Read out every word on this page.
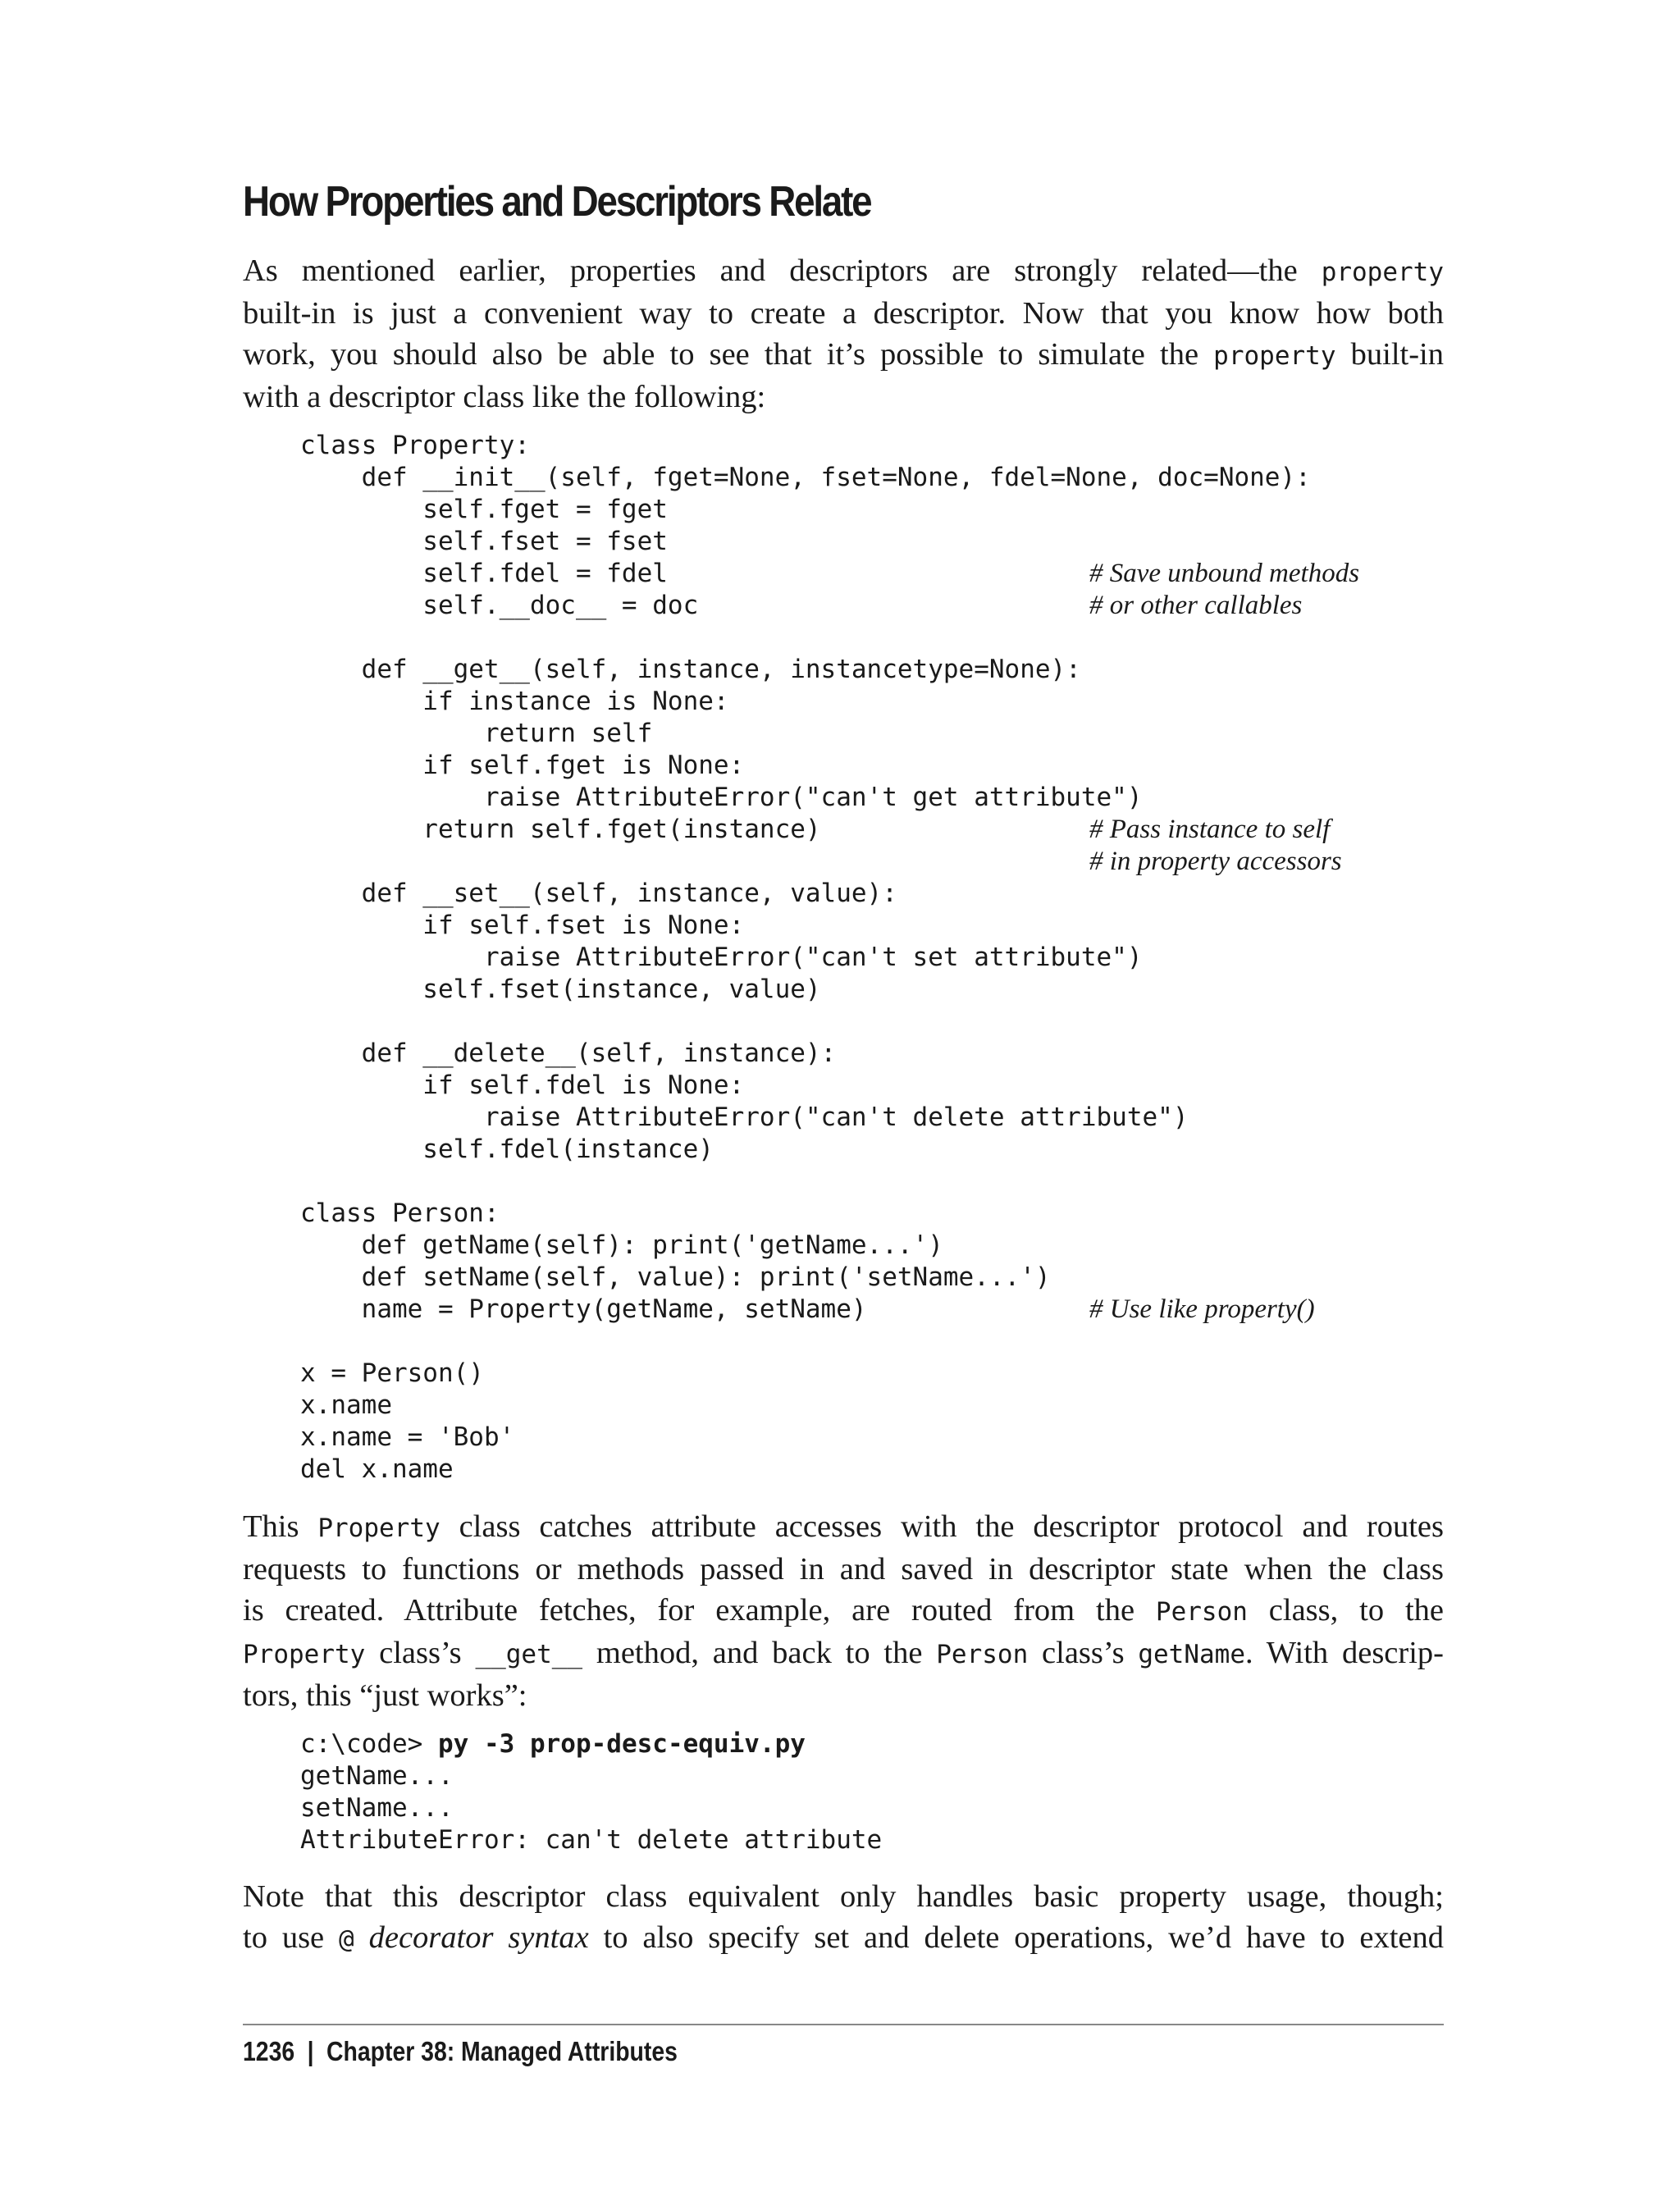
How Properties and Descriptors Relate
As mentioned earlier, properties and descriptors are strongly related—the property
built-in is just a convenient way to create a descriptor. Now that you know how both
work, you should also be able to see that it’s possible to simulate the property built-in
with a descriptor class like the following:
class Property:
def __init__(self, fget=None, fset=None, fdel=None, doc=None):
self.fget = fget
self.fset = fset
self.fdel = fdel	# Save unbound methods
self.__doc__ = doc	# or other callables
def __get__(self, instance, instancetype=None):
if instance is None:
return self
if self.fget is None:
raise AttributeError("can't get attribute")
return self.fget(instance)	# Pass instance to self
# in property accessors
def __set__(self, instance, value):
if self.fset is None:
raise AttributeError("can't set attribute")
self.fset(instance, value)
def __delete__(self, instance):
if self.fdel is None:
raise AttributeError("can't delete attribute")
self.fdel(instance)
class Person:
def getName(self): print('getName...')
def setName(self, value): print('setName...')
name = Property(getName, setName)	# Use like property()
x = Person()
x.name
x.name = 'Bob'
del x.name
This Property class catches attribute accesses with the descriptor protocol and routes
requests to functions or methods passed in and saved in descriptor state when the class
is created. Attribute fetches, for example, are routed from the Person class, to the
Property class’s __get__ method, and back to the Person class’s getName. With descrip-
tors, this “just works”:
c:\code> py -3 prop-desc-equiv.py
getName...
setName...
AttributeError: can't delete attribute
Note that this descriptor class equivalent only handles basic property usage, though;
to use @ decorator syntax to also specify set and delete operations, we’d have to extend
1236 | Chapter 38: Managed Attributes
